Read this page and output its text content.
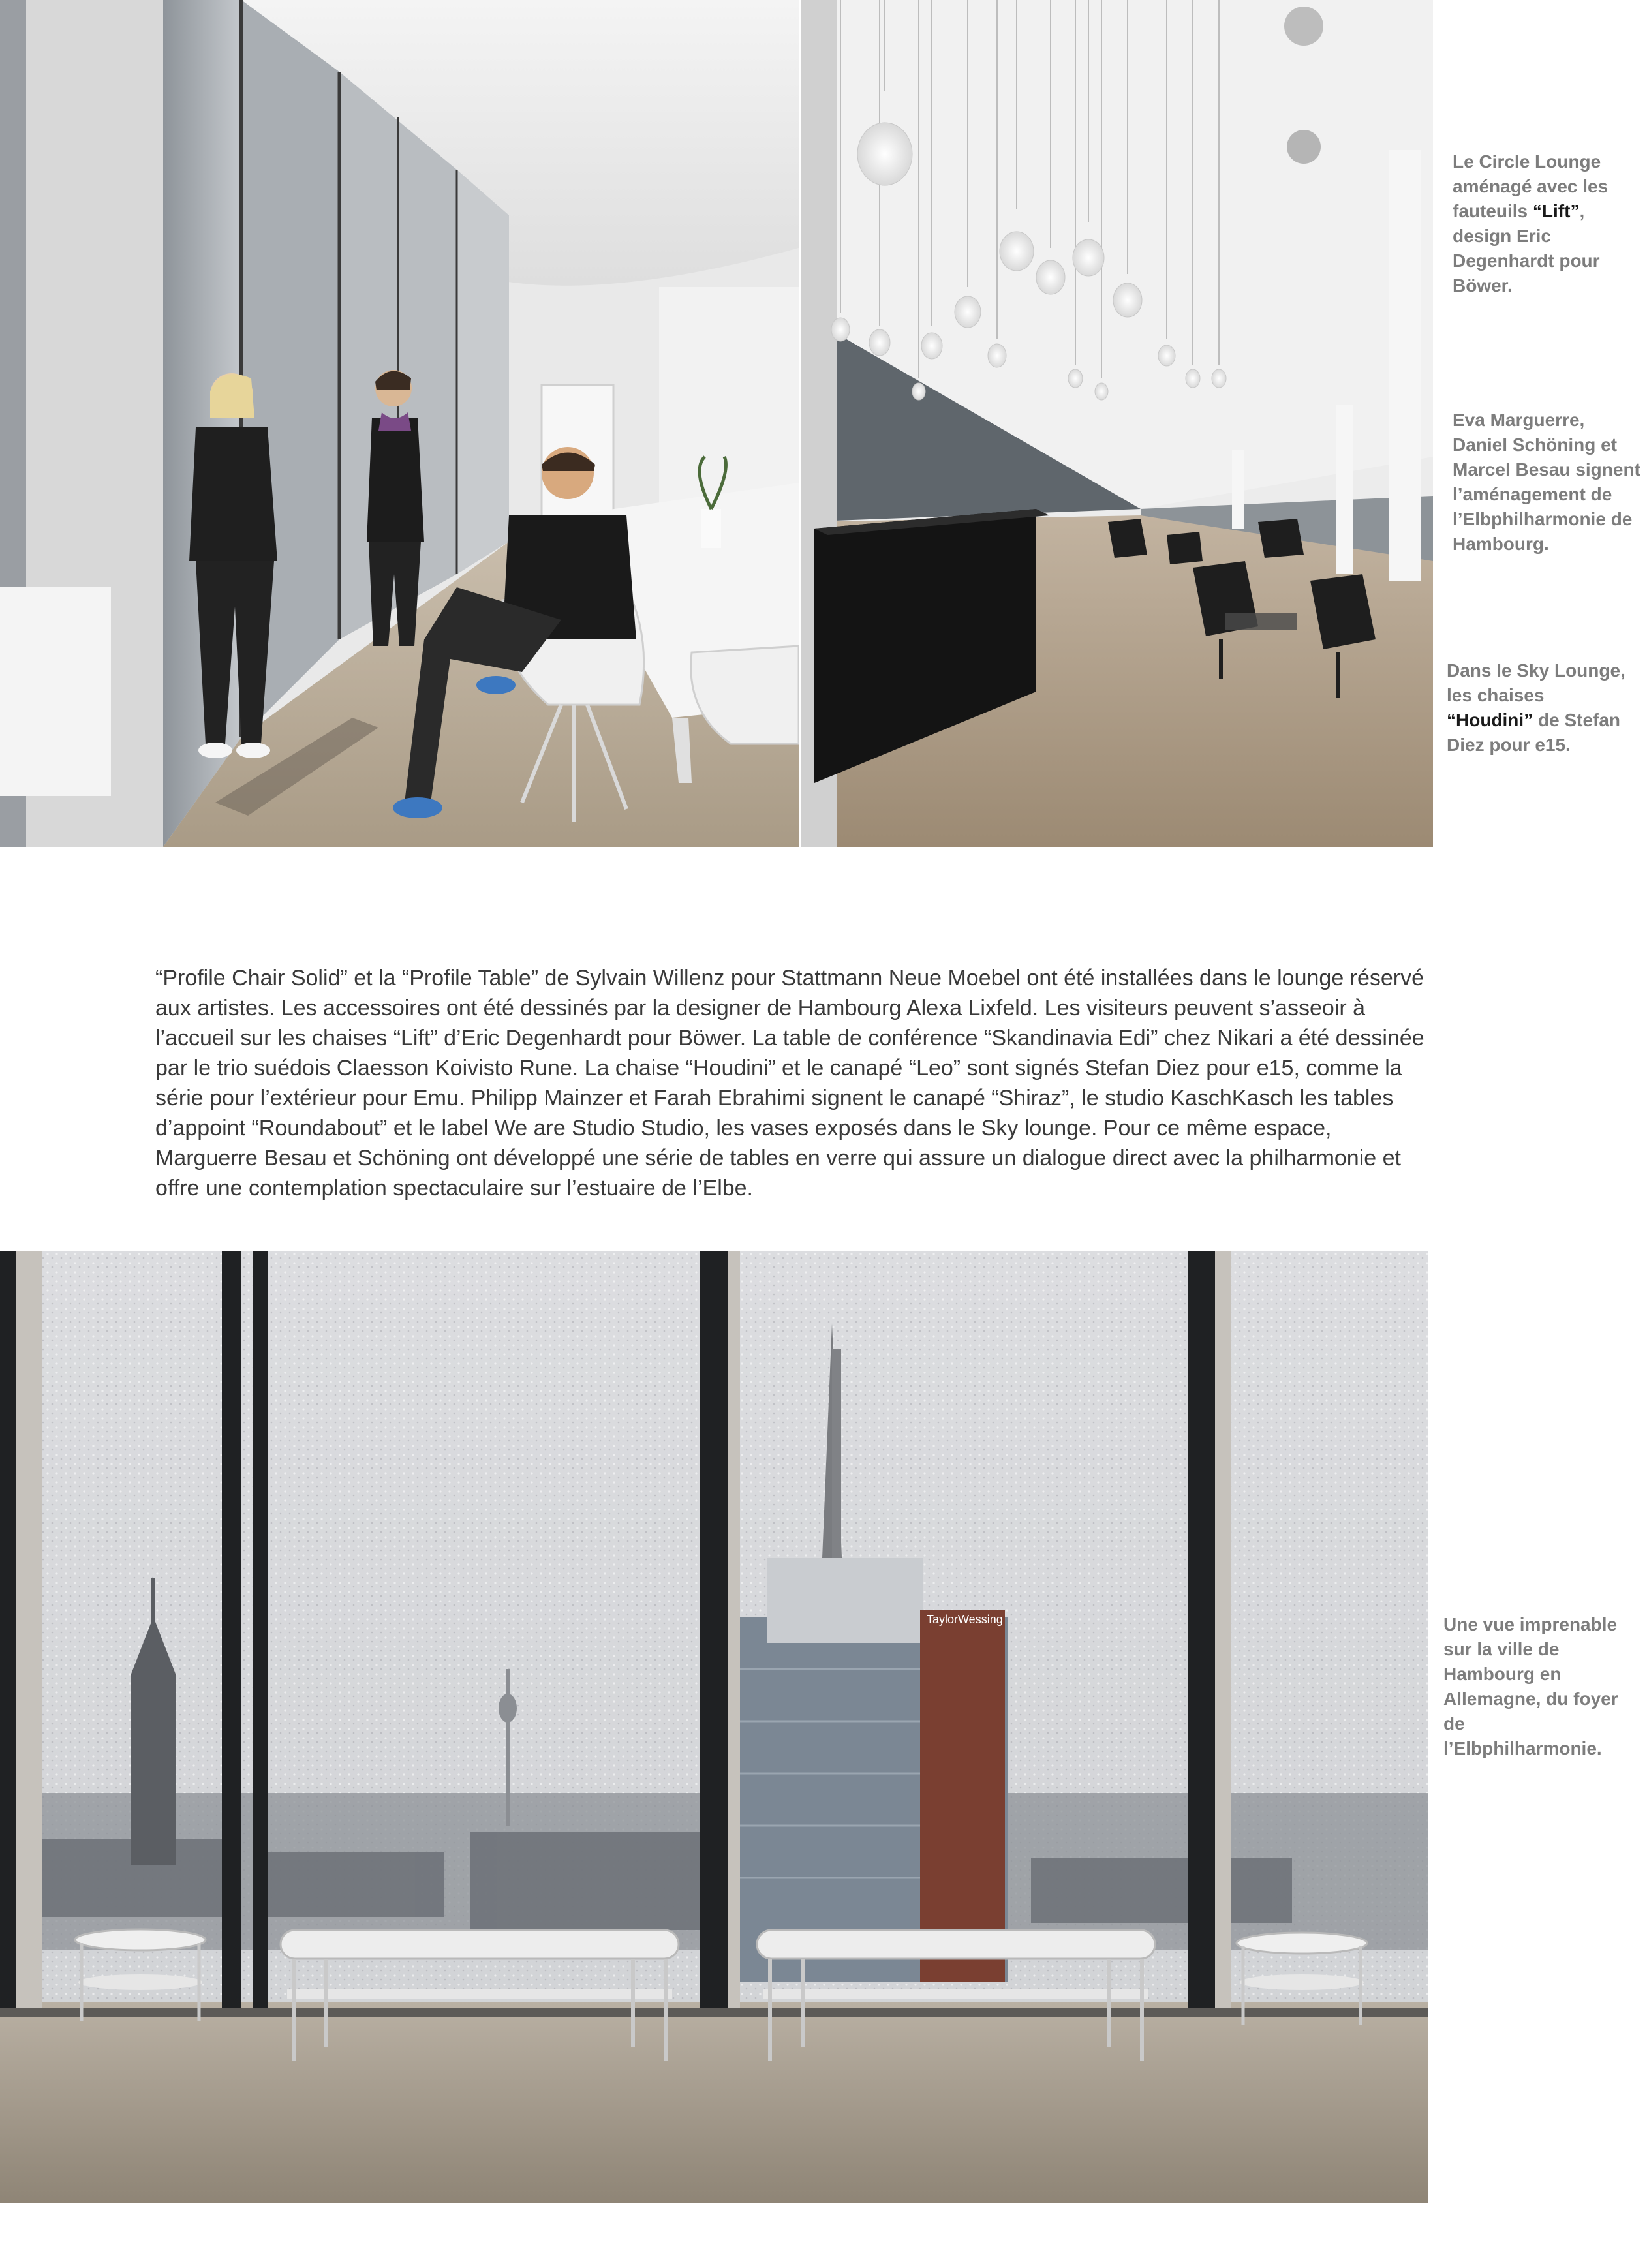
Le Circle Lounge aménagé avec les fauteuils “Lift”, design Eric Degenhardt pour Böwer.

Eva Marguerre, Daniel Schöning et Marcel Besau signent l’aménagement de l’Elbphilharmonie de Hambourg.

Dans le Sky Lounge, les chaises “Houdini” de Stefan Diez pour e15.

“Profile Chair Solid” et la “Profile Table” de Sylvain Willenz pour Stattmann Neue Moebel ont été installées dans le lounge réservé aux artistes. Les accessoires ont été dessinés par la designer de Hambourg Alexa Lixfeld. Les visiteurs peuvent s’asseoir à l’accueil sur les chaises “Lift” d’Eric Degenhardt pour Böwer. La table de conférence “Skandinavia Edi” chez Nikari a été dessinée par le trio suédois Claesson Koivisto Rune. La chaise “Houdini” et le canapé “Leo” sont signés Stefan Diez pour e15, comme la série pour l’extérieur pour Emu. Philipp Mainzer et Farah Ebrahimi signent le canapé “Shiraz”, le studio KaschKasch les tables d’appoint “Roundabout” et le label We are Studio Studio, les vases exposés dans le Sky lounge. Pour ce même espace, Marguerre Besau et Schöning ont développé une série de tables en verre qui assure un dialogue direct avec la philharmonie et offre une contemplation spectaculaire sur l’estuaire de l’Elbe.

TaylorWessing	Une vue imprenable sur la ville de Hambourg en Allemagne, du foyer de l’Elbphilharmonie.
